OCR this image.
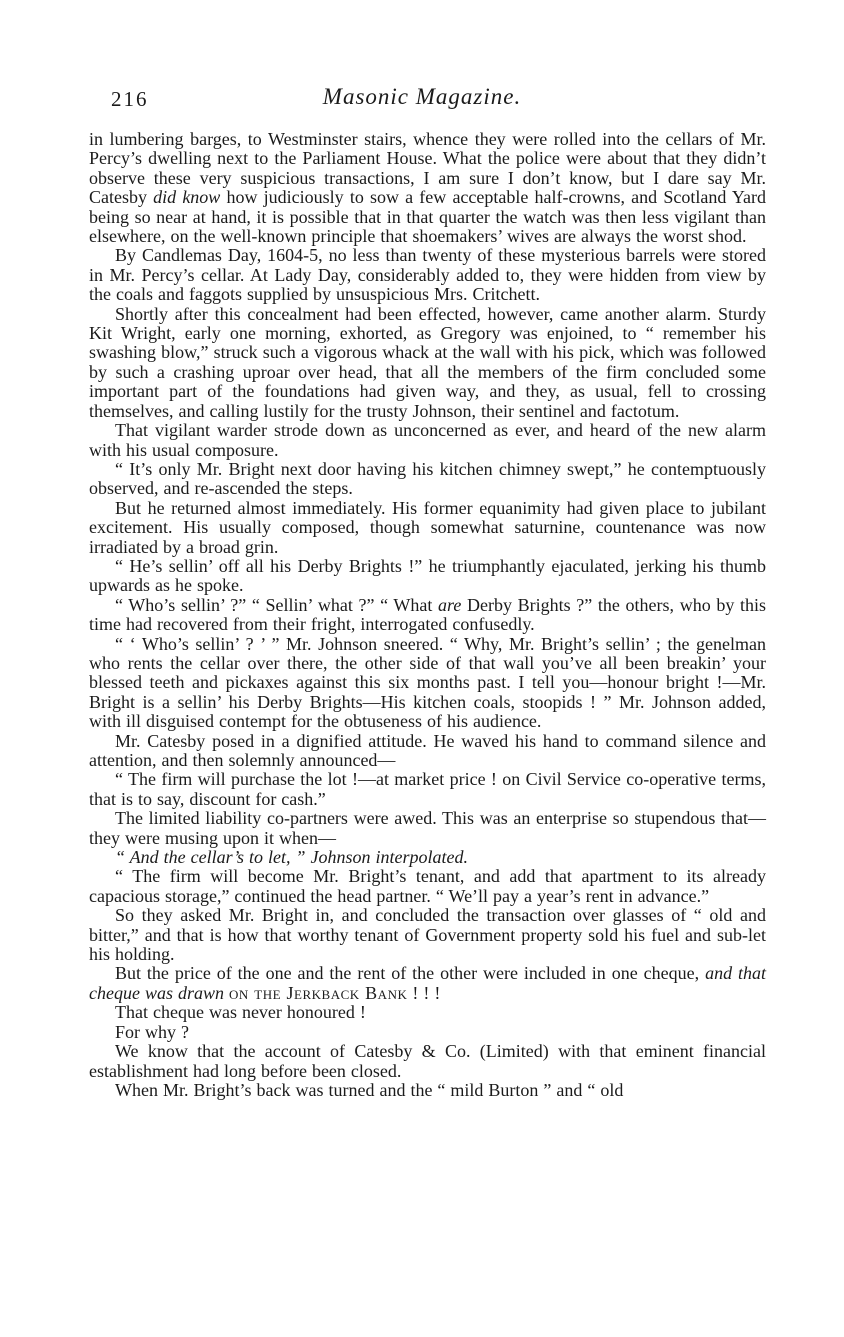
216	Masonic Magazine.

in lumbering barges, to Westminster stairs, whence they were rolled into the cellars of Mr. Percy’s dwelling next to the Parliament House. What the police were about that they didn’t observe these very suspicious transactions, I am sure I don’t know, but I dare say Mr. Catesby did know how judiciously to sow a few acceptable half-crowns, and Scotland Yard being so near at hand, it is possible that in that quarter the watch was then less vigilant than elsewhere, on the well-known principle that shoemakers’ wives are always the worst shod.

By Candlemas Day, 1604-5, no less than twenty of these mysterious barrels were stored in Mr. Percy’s cellar. At Lady Day, considerably added to, they were hidden from view by the coals and faggots supplied by unsuspicious Mrs. Critchett.

Shortly after this concealment had been effected, however, came another alarm. Sturdy Kit Wright, early one morning, exhorted, as Gregory was enjoined, to “ remember his swashing blow,” struck such a vigorous whack at the wall with his pick, which was followed by such a crashing uproar over head, that all the members of the firm concluded some important part of the foundations had given way, and they, as usual, fell to crossing themselves, and calling lustily for the trusty Johnson, their sentinel and factotum.

That vigilant warder strode down as unconcerned as ever, and heard of the new alarm with his usual composure.

“ It’s only Mr. Bright next door having his kitchen chimney swept,” he contemptuously observed, and re-ascended the steps.

But he returned almost immediately. His former equanimity had given place to jubilant excitement. His usually composed, though somewhat saturnine, countenance was now irradiated by a broad grin.

“ He’s sellin’ off all his Derby Brights !” he triumphantly ejaculated, jerking his thumb upwards as he spoke.

“ Who’s sellin’ ?” “ Sellin’ what ?” “ What are Derby Brights ?” the others, who by this time had recovered from their fright, interrogated confusedly.

“ ‘ Who’s sellin’ ? ’ ” Mr. Johnson sneered. “ Why, Mr. Bright’s sellin’ ; the genelman who rents the cellar over there, the other side of that wall you’ve all been breakin’ your blessed teeth and pickaxes against this six months past. I tell you—honour bright !—Mr. Bright is a sellin’ his Derby Brights—His kitchen coals, stoopids ! ” Mr. Johnson added, with ill disguised contempt for the obtuseness of his audience.

Mr. Catesby posed in a dignified attitude. He waved his hand to command silence and attention, and then solemnly announced—

“ The firm will purchase the lot !—at market price ! on Civil Service co-operative terms, that is to say, discount for cash.”

The limited liability co-partners were awed. This was an enterprise so stupendous that—they were musing upon it when—

“ And the cellar’s to let, ” Johnson interpolated.

“ The firm will become Mr. Bright’s tenant, and add that apartment to its already capacious storage,” continued the head partner. “ We’ll pay a year’s rent in advance.”

So they asked Mr. Bright in, and concluded the transaction over glasses of “ old and bitter,” and that is how that worthy tenant of Government property sold his fuel and sub-let his holding.

But the price of the one and the rent of the other were included in one cheque, and that cheque was drawn on the Jerkback Bank ! ! !

That cheque was never honoured !

For why ?

We know that the account of Catesby & Co. (Limited) with that eminent financial establishment had long before been closed.

When Mr. Bright’s back was turned and the “ mild Burton ” and “ old
